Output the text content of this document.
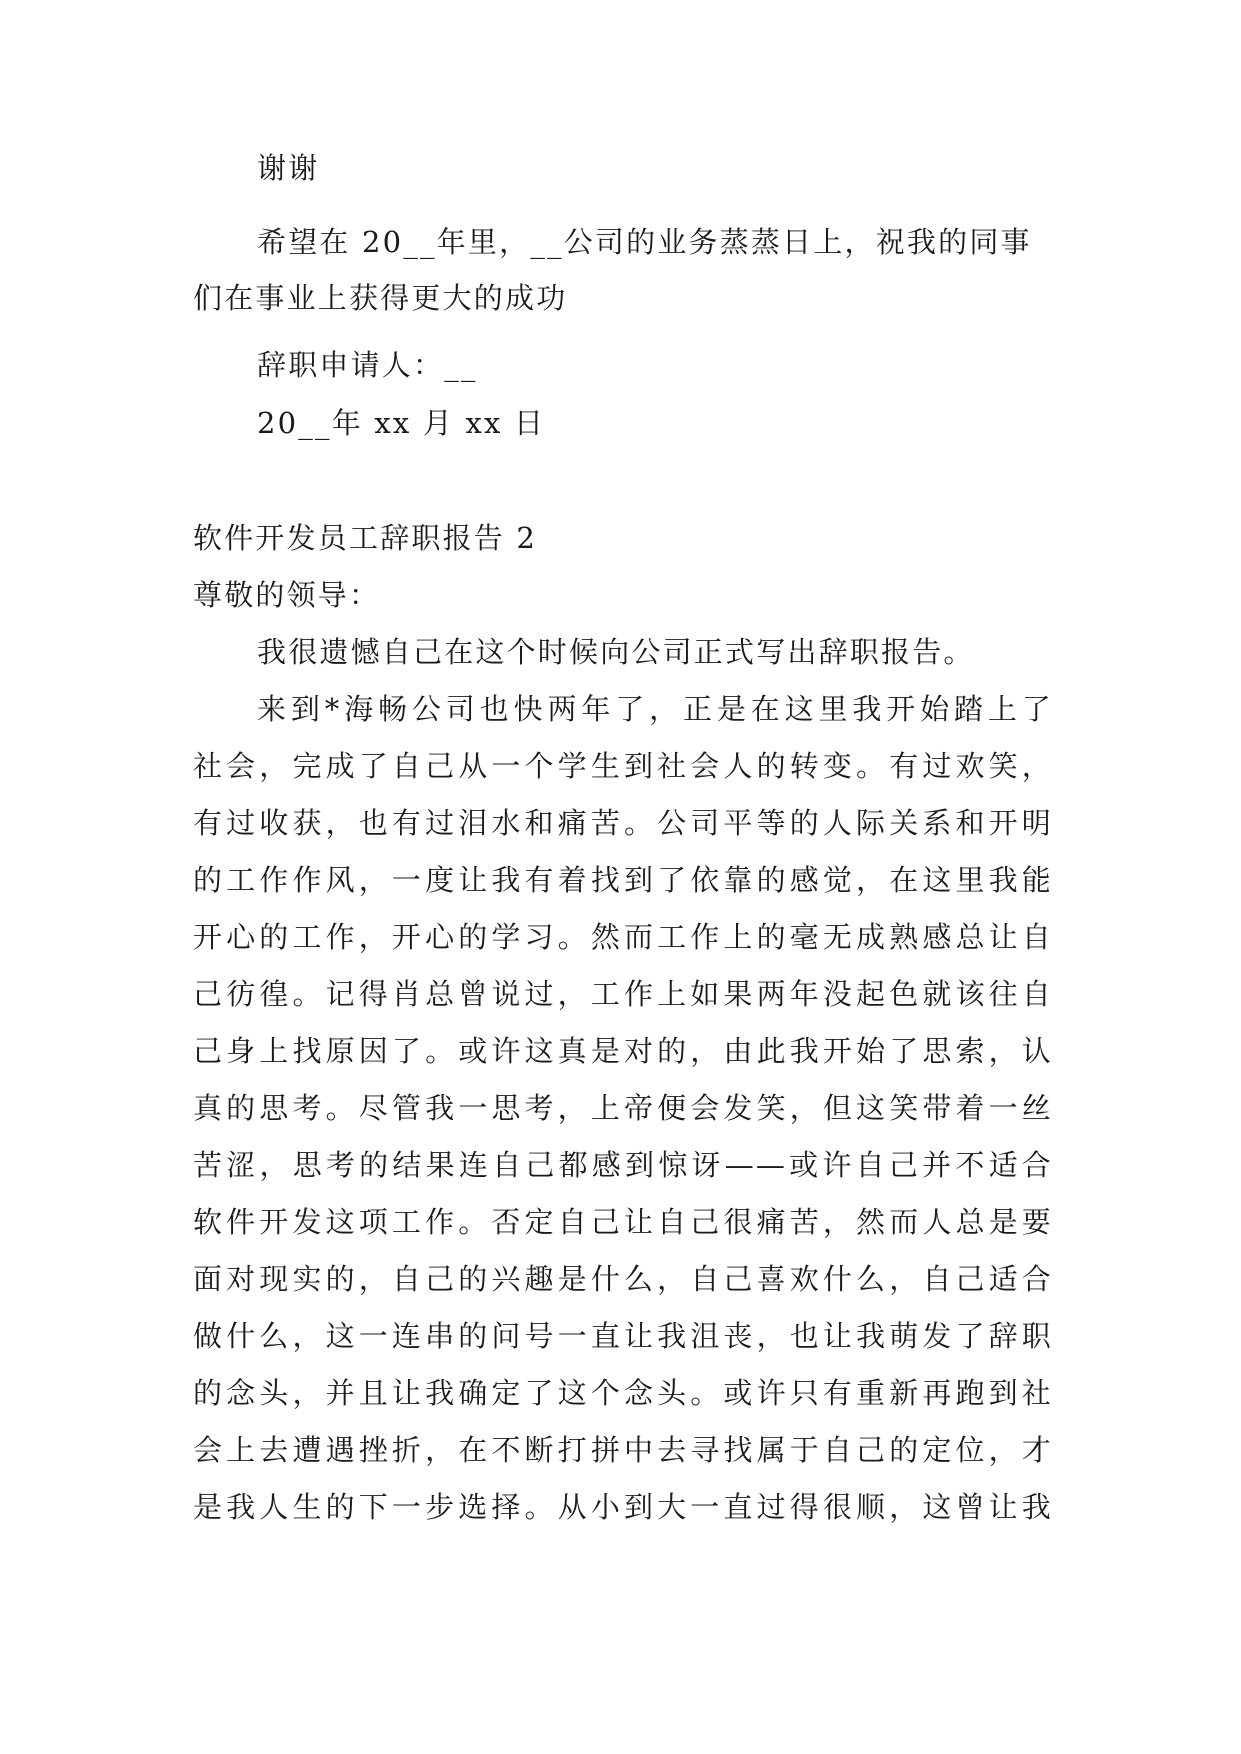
谢谢
希望在 20__年里，__公司的业务蒸蒸日上，祝我的同事
们在事业上获得更大的成功
辞职申请人：__
20__年 xx 月 xx 日
软件开发员工辞职报告 2
尊敬的领导：
我很遗憾自己在这个时候向公司正式写出辞职报告。
来到*海畅公司也快两年了，正是在这里我开始踏上了
社会，完成了自己从一个学生到社会人的转变。有过欢笑，
有过收获，也有过泪水和痛苦。公司平等的人际关系和开明
的工作作风，一度让我有着找到了依靠的感觉，在这里我能
开心的工作，开心的学习。然而工作上的毫无成熟感总让自
己彷徨。记得肖总曾说过，工作上如果两年没起色就该往自
己身上找原因了。或许这真是对的，由此我开始了思索，认
真的思考。尽管我一思考，上帝便会发笑，但这笑带着一丝
苦涩，思考的结果连自己都感到惊讶——或许自己并不适合
软件开发这项工作。否定自己让自己很痛苦，然而人总是要
面对现实的，自己的兴趣是什么，自己喜欢什么，自己适合
做什么，这一连串的问号一直让我沮丧，也让我萌发了辞职
的念头，并且让我确定了这个念头。或许只有重新再跑到社
会上去遭遇挫折，在不断打拼中去寻找属于自己的定位，才
是我人生的下一步选择。从小到大一直过得很顺，这曾让我
